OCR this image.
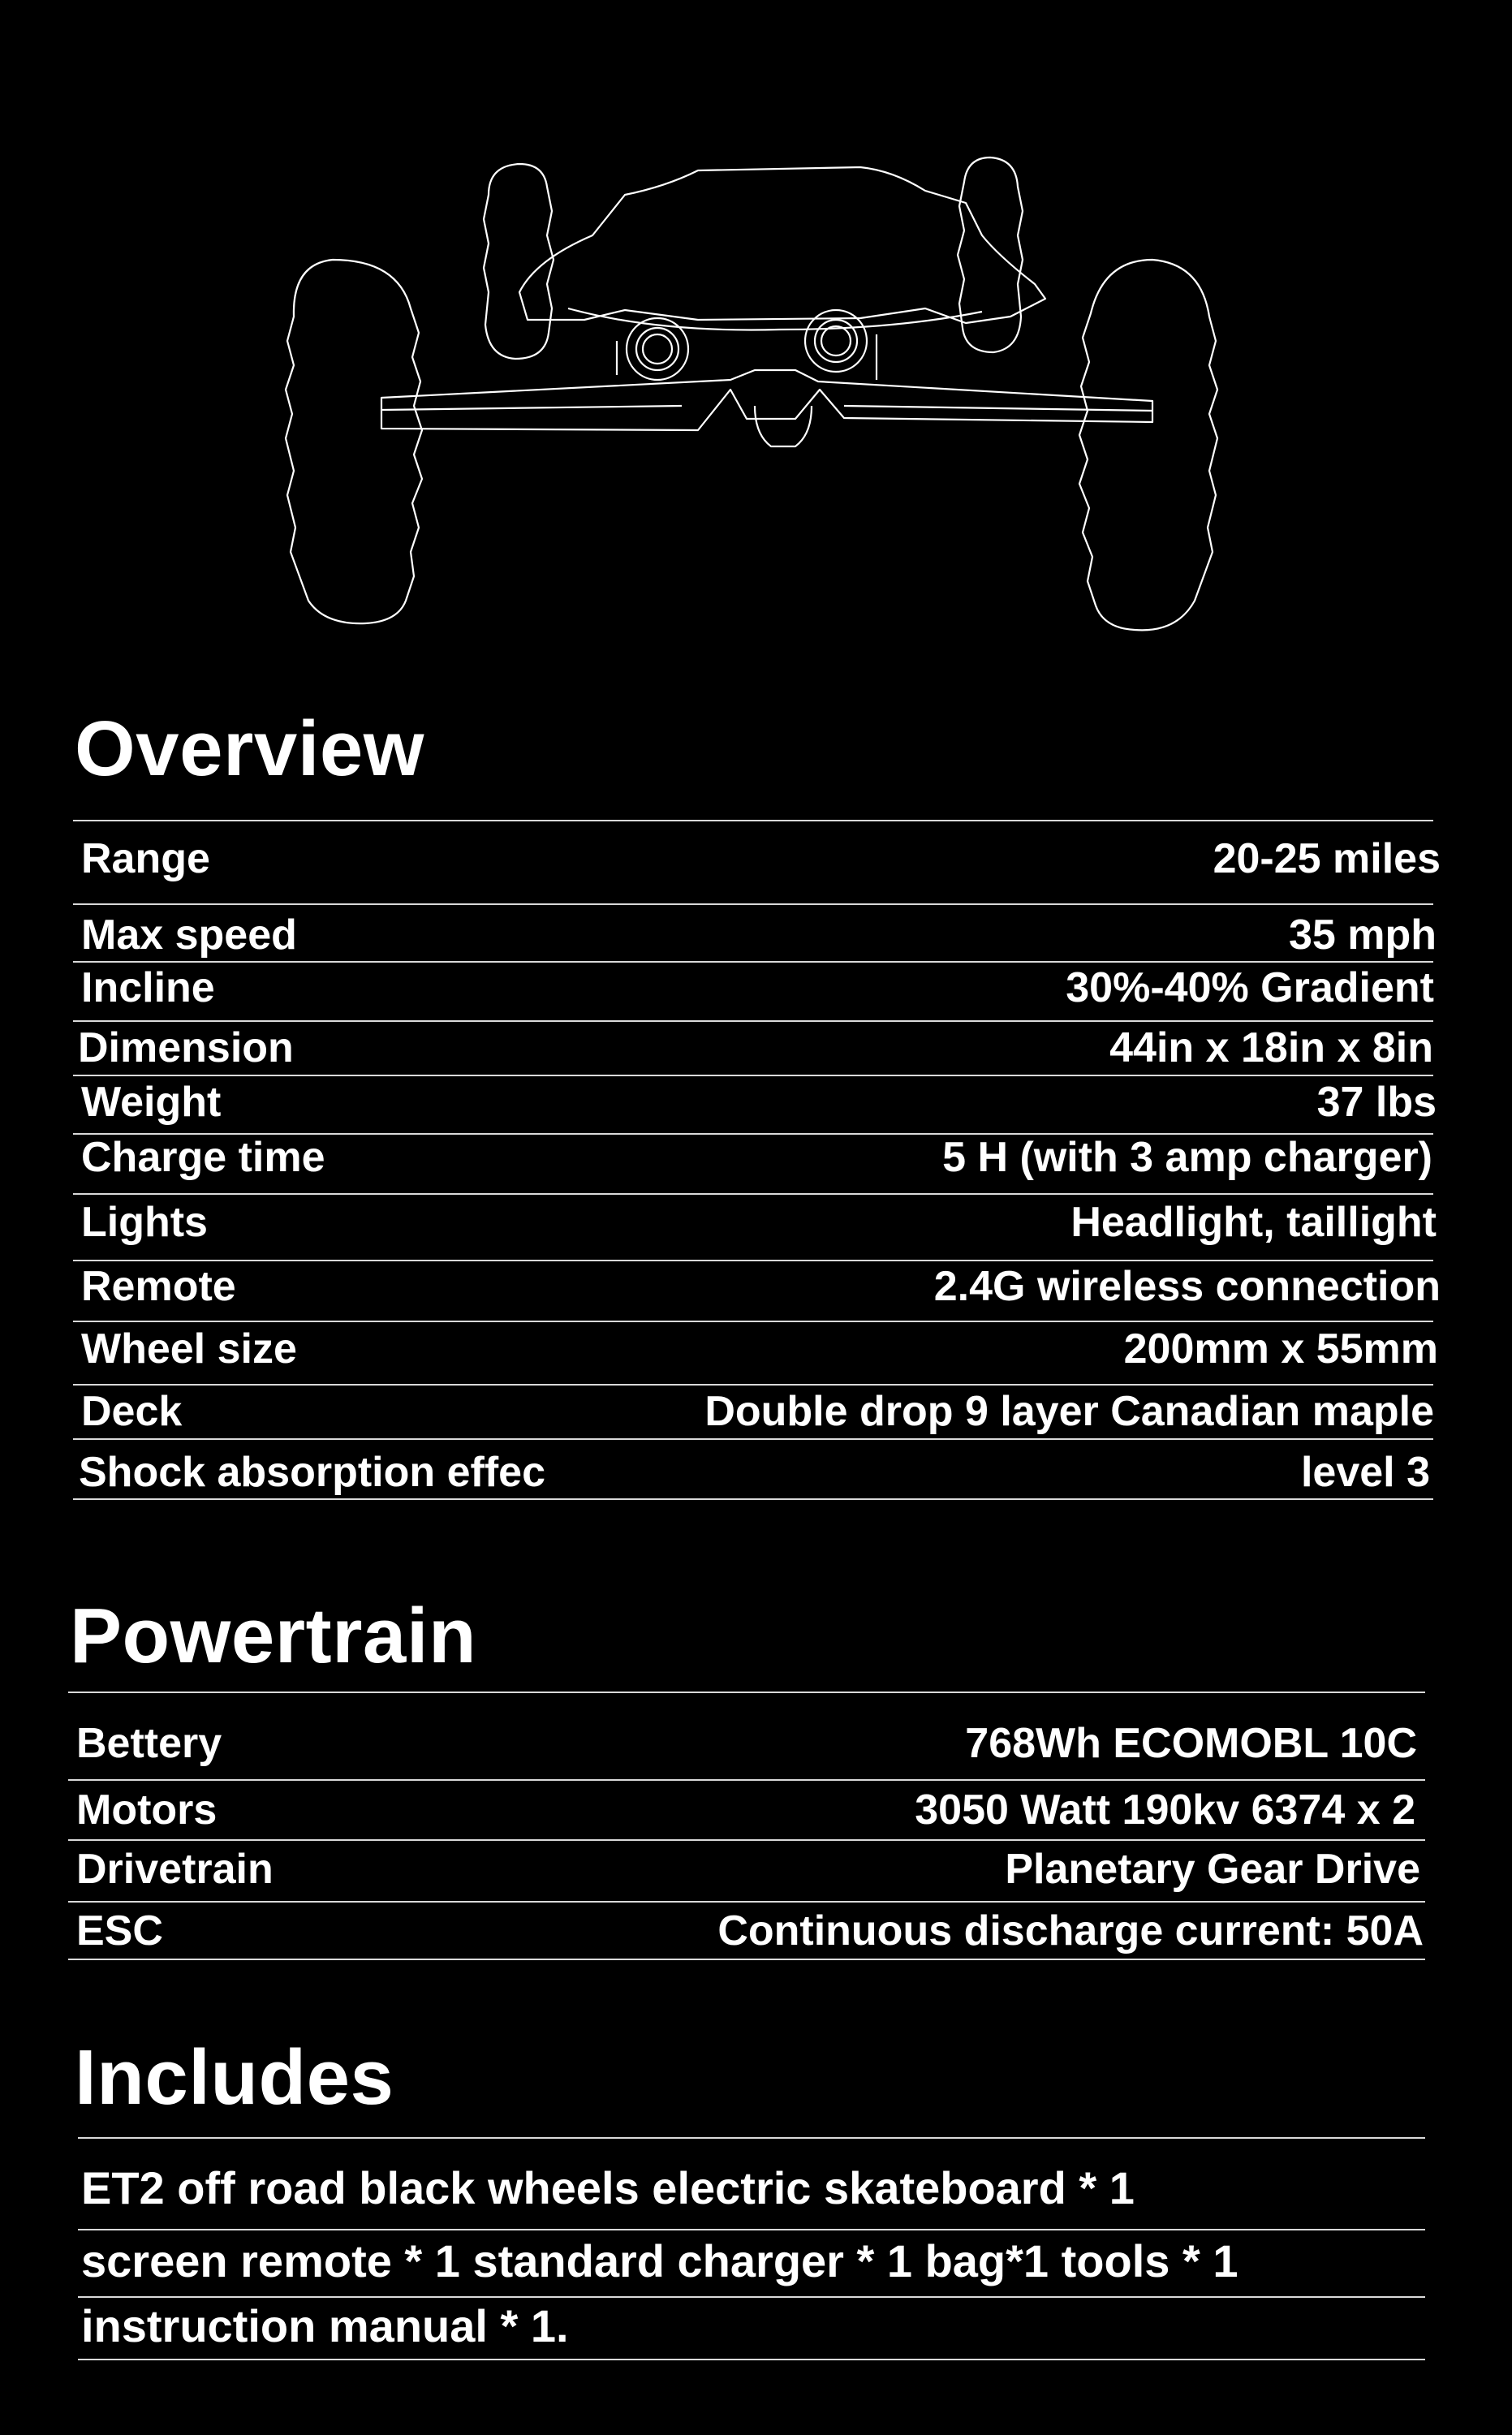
Overview
Range	20-25 miles
Max speed	35 mph
Incline	30%-40% Gradient
Dimension	44in x 18in x 8in
Weight	37 lbs
Charge time	5 H (with 3 amp charger)
Lights	Headlight, taillight
Remote	2.4G wireless connection
Wheel size	200mm x 55mm
Deck	Double drop 9 layer Canadian maple
Shock absorption effec	level 3
Powertrain
Bettery	768Wh ECOMOBL 10C
Motors	3050 Watt 190kv 6374 x 2
Drivetrain	Planetary Gear Drive
ESC	Continuous discharge current: 50A
Includes
ET2 off road black wheels electric skateboard * 1
screen remote * 1 standard charger * 1 bag*1 tools * 1
instruction manual * 1.
